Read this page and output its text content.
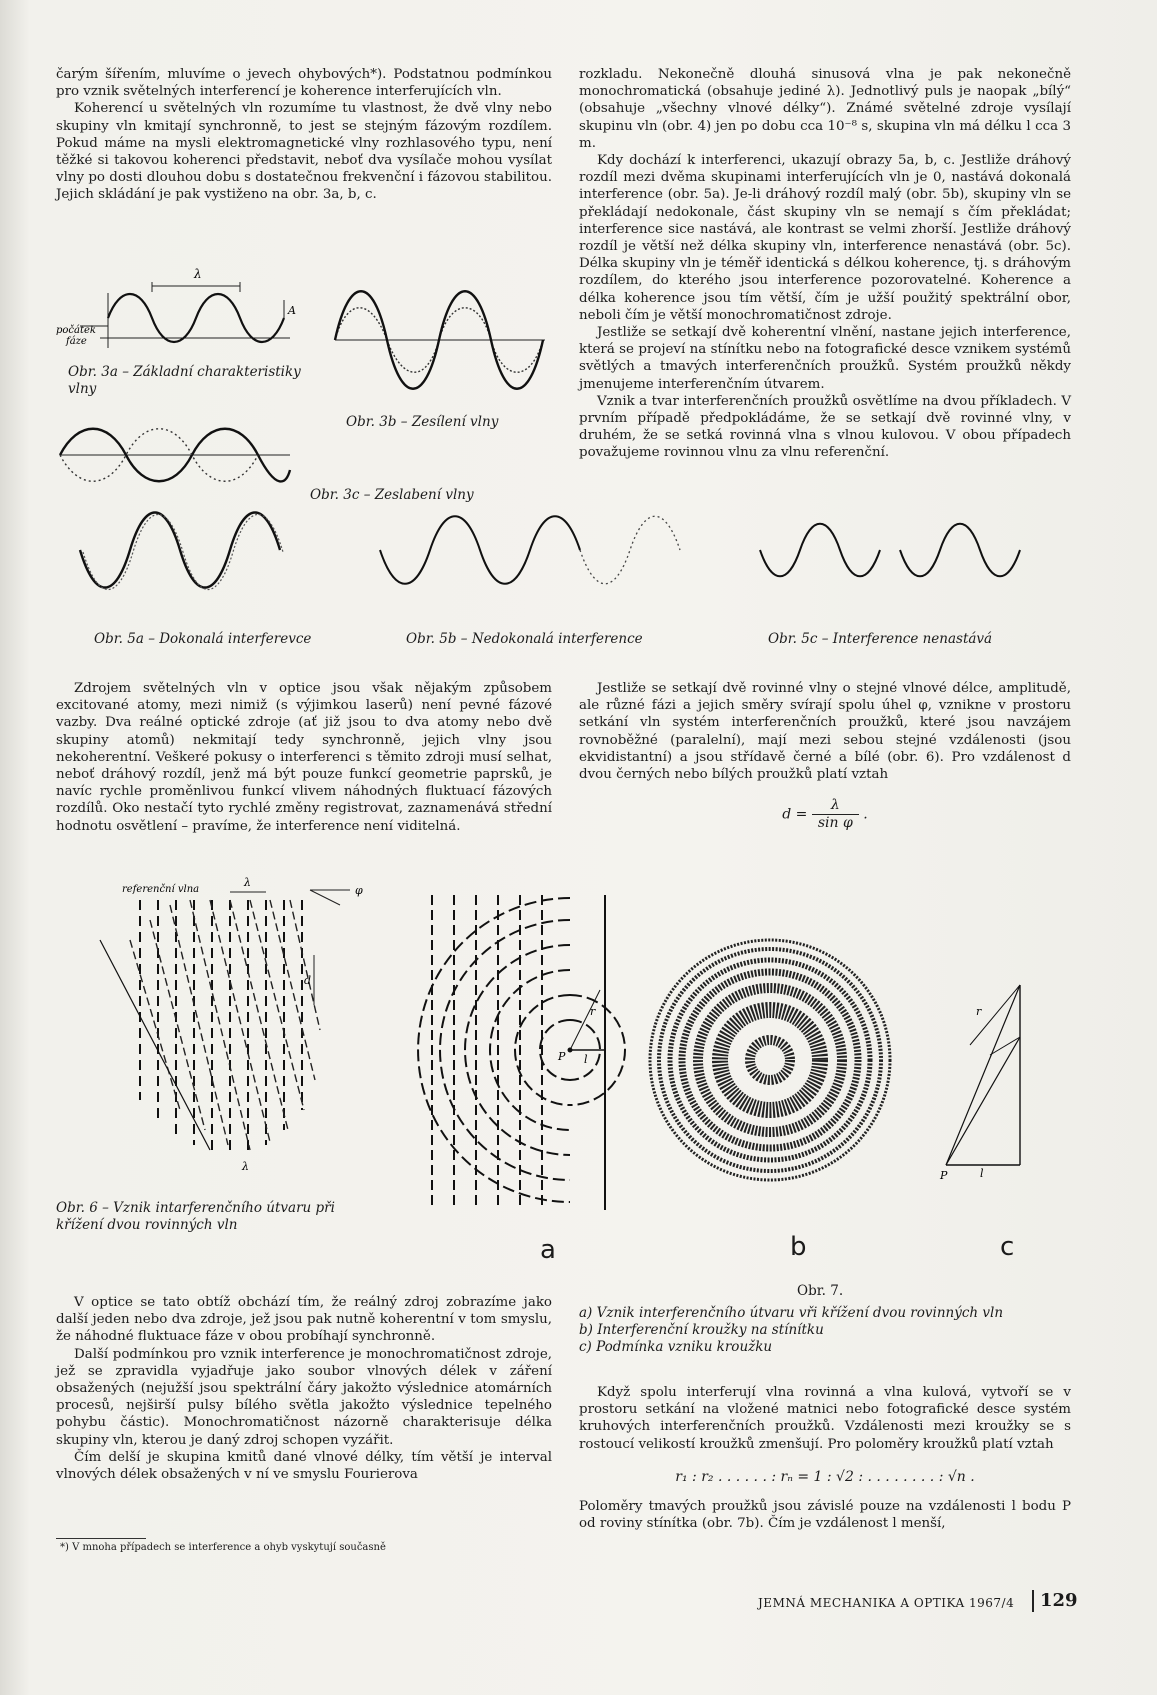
čarým šířením, mluvíme o jevech ohybových*). Podstatnou podmínkou pro vznik světelných interferencí je koherence interferujících vln.

Koherencí u světelných vln rozumíme tu vlastnost, že dvě vlny nebo skupiny vln kmitají synchronně, to jest se stejným fázovým rozdílem. Pokud máme na mysli elektromagnetické vlny rozhlasového typu, není těžké si takovou koherenci představit, neboť dva vysílače mohou vysílat vlny po dosti dlouhou dobu s dostatečnou frekvenční i fázovou stabilitou. Jejich skládání je pak vystiženo na obr. 3a, b, c.

rozkladu. Nekonečně dlouhá sinusová vlna je pak nekonečně monochromatická (obsahuje jediné λ). Jednotlivý puls je naopak „bílý“ (obsahuje „všechny vlnové délky“). Známé světelné zdroje vysílají skupinu vln (obr. 4) jen po dobu cca 10⁻⁸ s, skupina vln má délku l cca 3 m.

Kdy dochází k interferenci, ukazují obrazy 5a, b, c. Jestliže dráhový rozdíl mezi dvěma skupinami interferujících vln je 0, nastává dokonalá interference (obr. 5a). Je-li dráhový rozdíl malý (obr. 5b), skupiny vln se překládají nedokonale, část skupiny vln se nemají s čím překládat; interference sice nastává, ale kontrast se velmi zhorší. Jestliže dráhový rozdíl je větší než délka skupiny vln, interference nenastává (obr. 5c). Délka skupiny vln je téměř identická s délkou koherence, tj. s dráhovým rozdílem, do kterého jsou interference pozorovatelné. Koherence a délka koherence jsou tím větší, čím je užší použitý spektrální obor, neboli čím je větší monochromatičnost zdroje.

Jestliže se setkají dvě koherentní vlnění, nastane jejich interference, která se projeví na stínítku nebo na fotografické desce vznikem systémů světlých a tmavých interferenčních proužků. Systém proužků někdy jmenujeme interferenčním útvarem.

Vznik a tvar interferenčních proužků osvětlíme na dvou příkladech. V prvním případě předpokládáme, že se setkají dvě rovinné vlny, v druhém, že se setká rovinná vlna s vlnou kulovou. V obou případech považujeme rovinnou vlnu za vlnu referenční.

λ
A
počátek
fáze
Obr. 3a – Základní charakteristiky vlny
Obr. 3b – Zesílení vlny
Obr. 3c – Zeslabení vlny
Obr. 5a – Dokonalá interferevce	Obr. 5b – Nedokonalá interference	Obr. 5c – Interference nenastává

Zdrojem světelných vln v optice jsou však nějakým způsobem excitované atomy, mezi nimiž (s výjimkou laserů) není pevné fázové vazby. Dva reálné optické zdroje (ať již jsou to dva atomy nebo dvě skupiny atomů) nekmitají tedy synchronně, jejich vlny jsou nekoherentní. Veškeré pokusy o interferenci s těmito zdroji musí selhat, neboť dráhový rozdíl, jenž má být pouze funkcí geometrie paprsků, je navíc rychle proměnlivou funkcí vlivem náhodných fluktuací fázových rozdílů. Oko nestačí tyto rychlé změny registrovat, zaznamenává střední hodnotu osvětlení – pravíme, že interference není viditelná.

Jestliže se setkají dvě rovinné vlny o stejné vlnové délce, amplitudě, ale různé fázi a jejich směry svírají spolu úhel φ, vznikne v prostoru setkání vln systém interferenčních proužků, které jsou navzájem rovnoběžné (paralelní), mají mezi sebou stejné vzdálenosti (jsou ekvidistantní) a jsou střídavě černé a bílé (obr. 6). Pro vzdálenost d dvou černých nebo bílých proužků platí vztah

$d = \frac{\lambda}{\text{sin φ}}$ .
referenční vlna
λ
φ
d
λ
Obr. 6 – Vznik intarferenčního útvaru při křížení dvou rovinných vln
P
r
l
P	l
r
a	b	c
Obr. 7.
a) Vznik interferenčního útvaru vři křížení dvou rovinných vln
b) Interferenční kroužky na stínítku
c) Podmínka vzniku kroužku

V optice se tato obtíž obchází tím, že reálný zdroj zobrazíme jako další jeden nebo dva zdroje, jež jsou pak nutně koherentní v tom smyslu, že náhodné fluktuace fáze v obou probíhají synchronně.

Další podmínkou pro vznik interference je monochromatičnost zdroje, jež se zpravidla vyjadřuje jako soubor vlnových délek v záření obsažených (nejužší jsou spektrální čáry jakožto výslednice atomárních procesů, nejširší pulsy bílého světla jakožto výslednice tepelného pohybu částic). Monochromatičnost názorně charakterisuje délka skupiny vln, kterou je daný zdroj schopen vyzářit.

Čím delší je skupina kmitů dané vlnové délky, tím větší je interval vlnových délek obsažených v ní ve smyslu Fourierova

*) V mnoha případech se interference a ohyb vyskytují současně

Když spolu interferují vlna rovinná a vlna kulová, vytvoří se v prostoru setkání na vložené matnici nebo fotografické desce systém kruhových interferenčních proužků. Vzdálenosti mezi kroužky se s rostoucí velikostí kroužků zmenšují. Pro poloměry kroužků platí vztah

r₁ : r₂ . . . . . . : rₙ = 1 : √2 : . . . . . . . . : √n .

Poloměry tmavých proužků jsou závislé pouze na vzdálenosti l bodu P od roviny stínítka (obr. 7b). Čím je vzdálenost l menší,

JEMNÁ MECHANIKA A OPTIKA 1967/4 129
